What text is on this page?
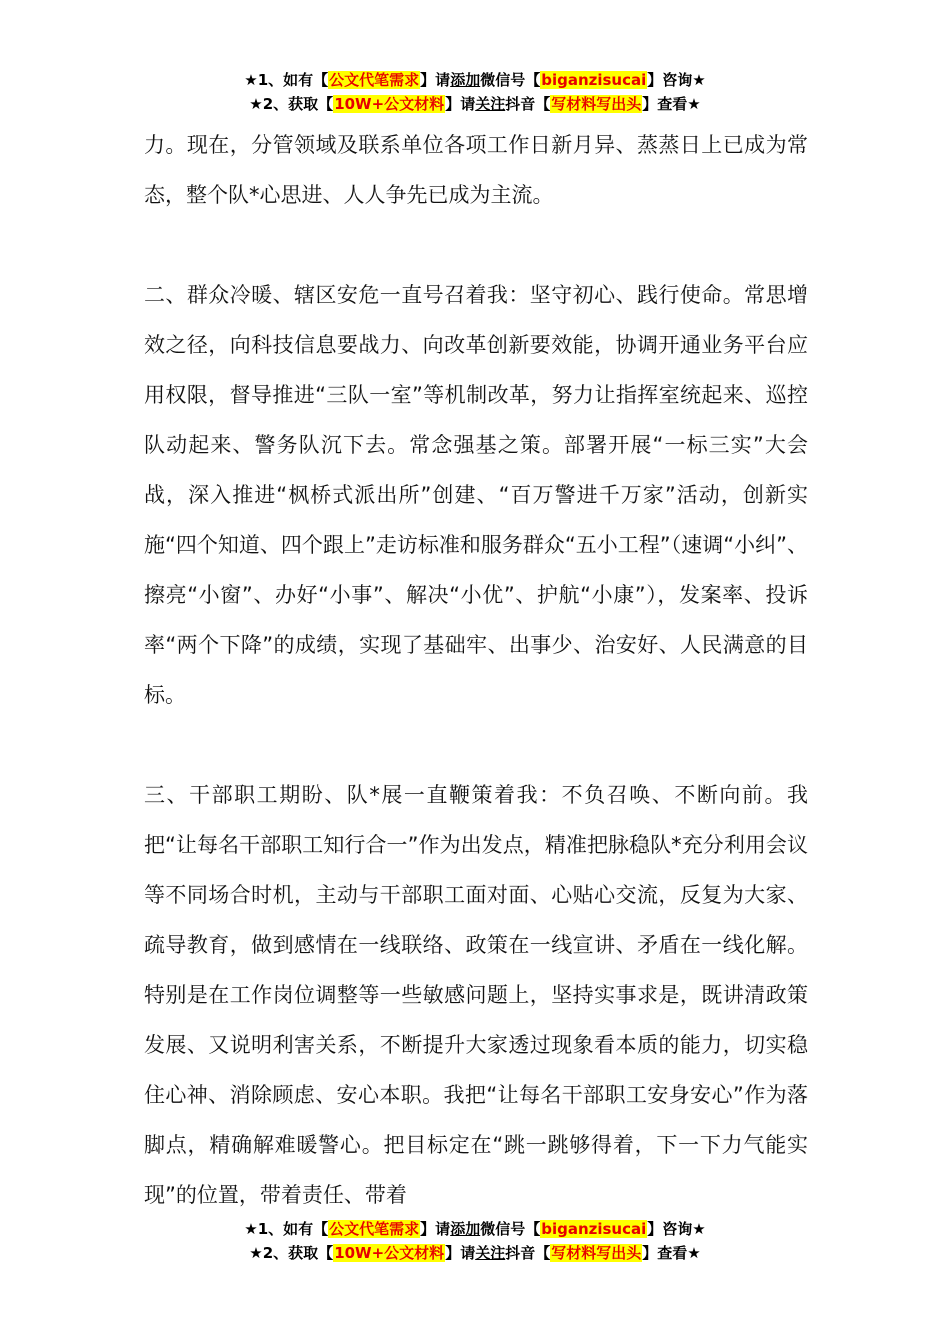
★1、如有【公文代笔需求】请添加微信号【biganzisucai】咨询★
★2、获取【10W+公文材料】请关注抖音【写材料写出头】查看★

力。现在，分管领域及联系单位各项工作日新月异、蒸蒸日上已成为常态，整个队*心思进、人人争先已成为主流。

二、群众冷暖、辖区安危一直号召着我：坚守初心、践行使命。常思增效之径，向科技信息要战力、向改革创新要效能，协调开通业务平台应用权限，督导推进“三队一室”等机制改革，努力让指挥室统起来、巡控队动起来、警务队沉下去。常念强基之策。部署开展“一标三实”大会战，深入推进“枫桥式派出所”创建、“百万警进千万家”活动，创新实施“四个知道、四个跟上”走访标准和服务群众“五小工程”（速调“小纠”、擦亮“小窗”、办好“小事”、解决“小优”、护航“小康”），发案率、投诉率“两个下降”的成绩，实现了基础牢、出事少、治安好、人民满意的目标。

三、干部职工期盼、队*展一直鞭策着我：不负召唤、不断向前。我把“让每名干部职工知行合一”作为出发点，精准把脉稳队*充分利用会议等不同场合时机，主动与干部职工面对面、心贴心交流，反复为大家、疏导教育，做到感情在一线联络、政策在一线宣讲、矛盾在一线化解。特别是在工作岗位调整等一些敏感问题上，坚持实事求是，既讲清政策发展、又说明利害关系，不断提升大家透过现象看本质的能力，切实稳住心神、消除顾虑、安心本职。我把“让每名干部职工安身安心”作为落脚点，精确解难暖警心。把目标定在“跳一跳够得着，下一下力气能实现”的位置，带着责任、带着

★1、如有【公文代笔需求】请添加微信号【biganzisucai】咨询★
★2、获取【10W+公文材料】请关注抖音【写材料写出头】查看★
